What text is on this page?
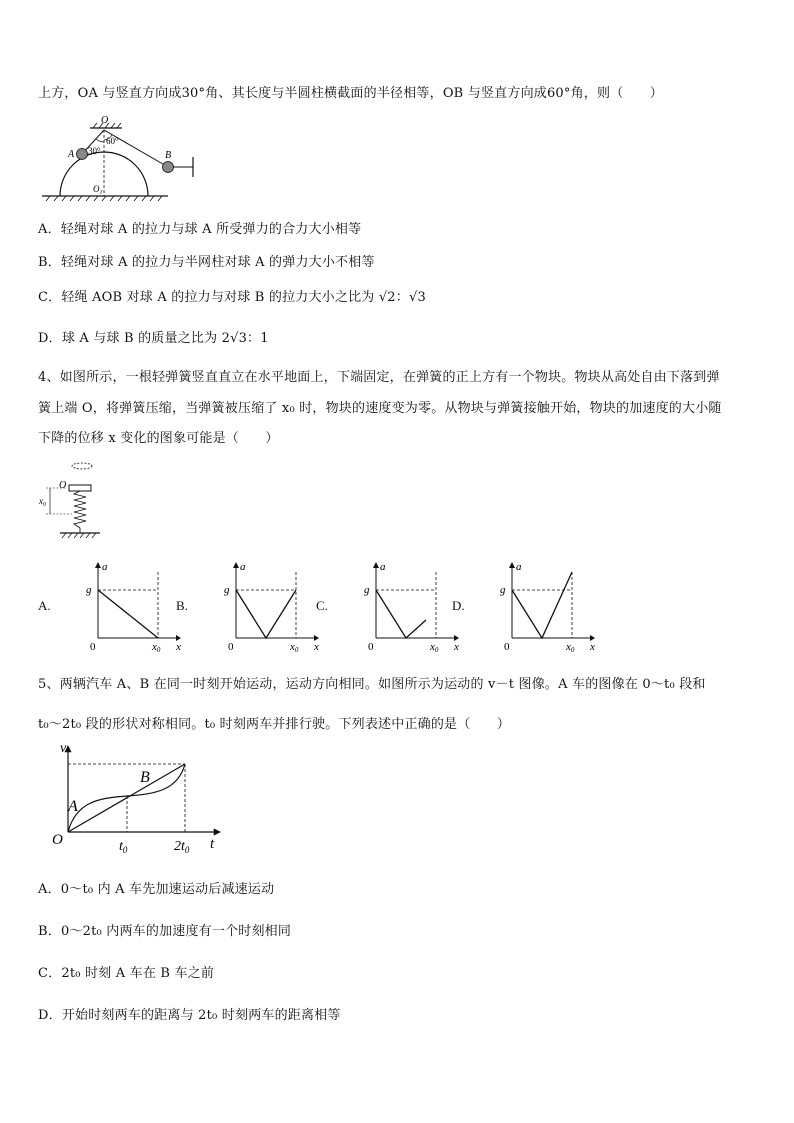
上方，OA 与竖直方向成30°角、其长度与半圆柱横截面的半径相等，OB 与竖直方向成60°角，则（　　）
O
A	B
30°
60°
$O_1$
A．轻绳对球 A 的拉力与球 A 所受弹力的合力大小相等
B．轻绳对球 A 的拉力与半网柱对球 A 的弹力大小不相等
C．轻绳 AOB 对球 A 的拉力与对球 B 的拉力大小之比为 √2：√3
D．球 A 与球 B 的质量之比为 2√3：1
4、如图所示，一根轻弹簧竖直直立在水平地面上，下端固定，在弹簧的正上方有一个物块。物块从高处自由下落到弹
簧上端 O，将弹簧压缩，当弹簧被压缩了 x₀ 时，物块的速度变为零。从物块与弹簧接触开始，物块的加速度的大小随
下降的位移 x 变化的图象可能是（　　）
O
$x_0$
A.
g
a
0	x
x0
B.
g
a
0	x
x0
C.
g
a
0	x
x0
D.
g
a
0	x
x0
5、两辆汽车 A、B 在同一时刻开始运动，运动方向相同。如图所示为运动的 v－t 图像。A 车的图像在 0～t₀ 段和
t₀～2t₀ 段的形状对称相同。t₀ 时刻两车并排行驶。下列表述中正确的是（　　）
A
B
O
v
t
$t_0$	$2t_0$
A．0～t₀ 内 A 车先加速运动后减速运动
B．0～2t₀ 内两车的加速度有一个时刻相同
C．2t₀ 时刻 A 车在 B 车之前
D．开始时刻两车的距离与 2t₀ 时刻两车的距离相等
